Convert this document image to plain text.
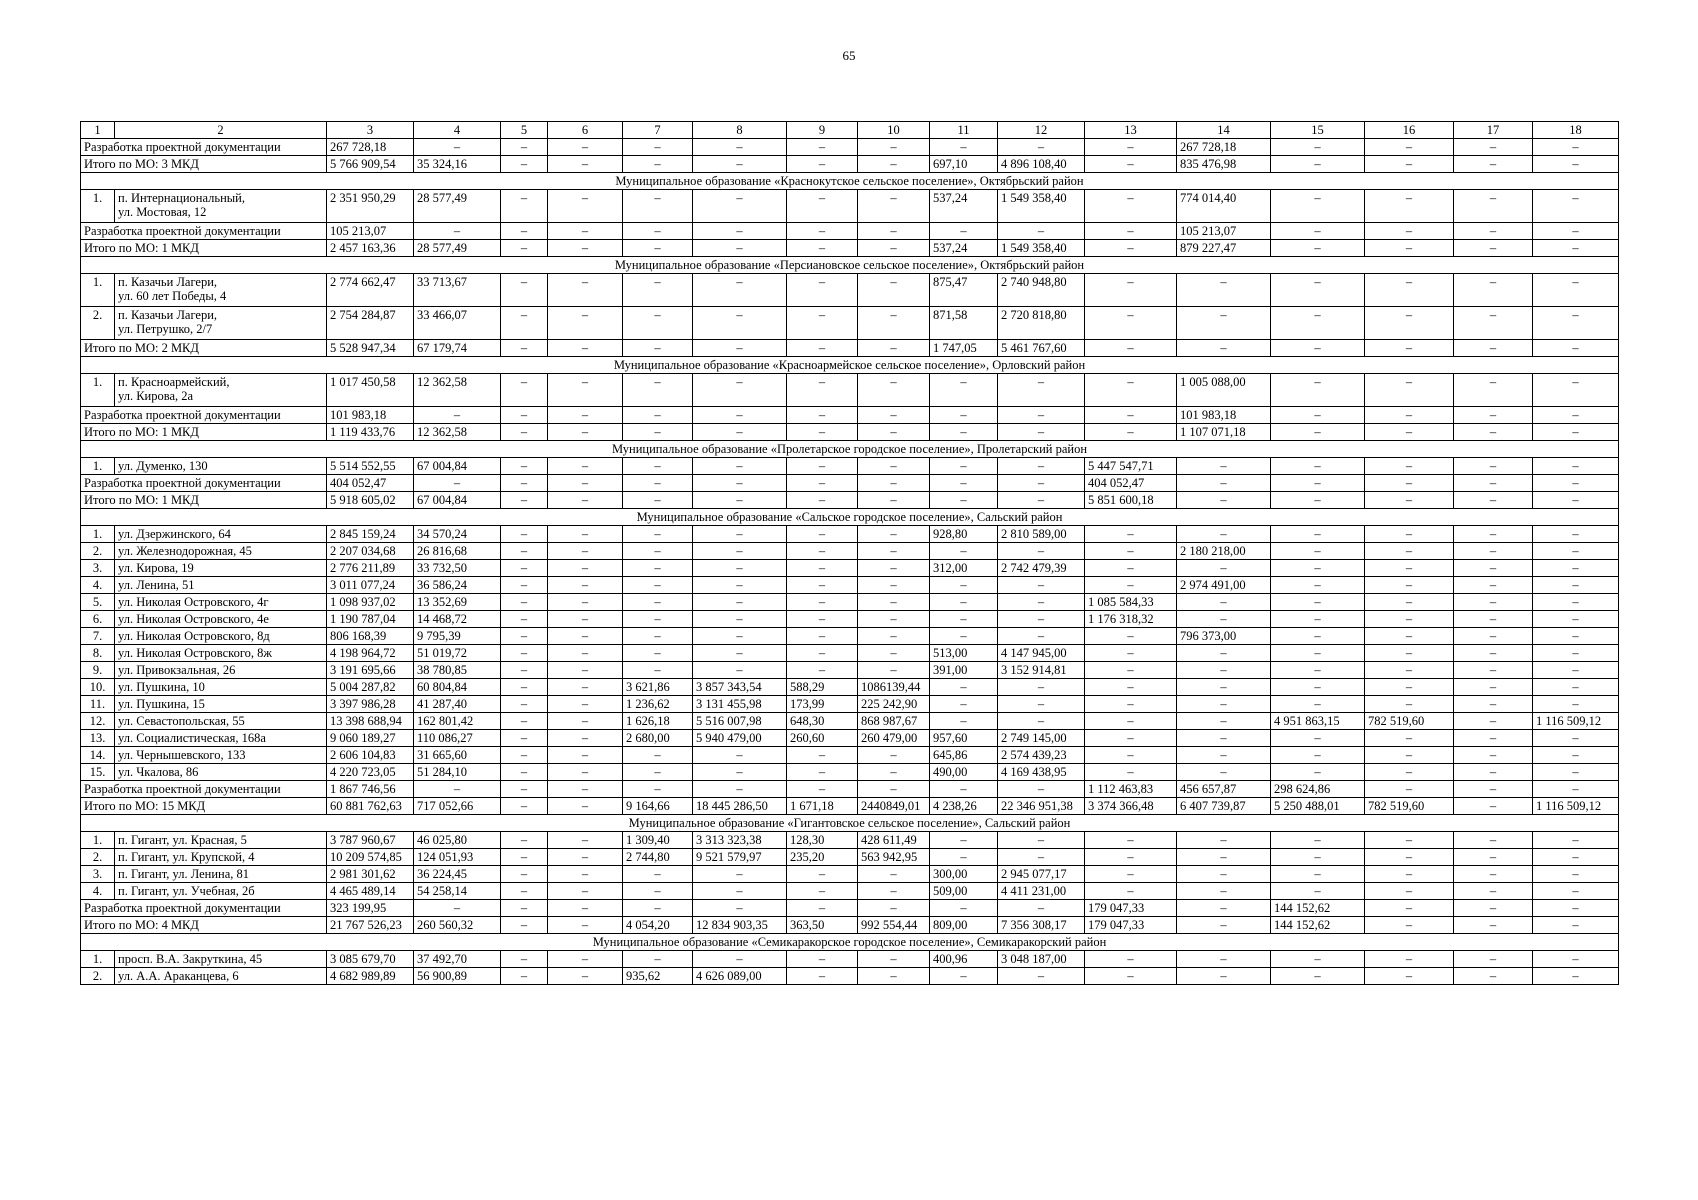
65
1	2	3	4	5	6	7	8	9	10	11	12	13	14	15	16	17	18
Разработка проектной документации		267 728,18	–	–	–	–	–	–	–	–	–	–	267 728,18	–	–	–	–
Итого по МО: 3 МКД		5 766 909,54	35 324,16	–	–	–	–	–	–	697,10	4 896 108,40	–	835 476,98	–	–	–	–
Муниципальное образование «Краснокутское сельское поселение», Октябрьский район																	
1.	п. Интернациональный,
ул. Мостовая, 12	2 351 950,29	28 577,49	–	–	–	–	–	–	537,24	1 549 358,40	–	774 014,40	–	–	–	–
Разработка проектной документации		105 213,07	–	–	–	–	–	–	–	–	–	–	105 213,07	–	–	–	–
Итого по МО: 1 МКД		2 457 163,36	28 577,49	–	–	–	–	–	–	537,24	1 549 358,40	–	879 227,47	–	–	–	–
Муниципальное образование «Персиановское сельское поселение», Октябрьский район																	
1.	п. Казачьи Лагери,
ул. 60 лет Победы, 4	2 774 662,47	33 713,67	–	–	–	–	–	–	875,47	2 740 948,80	–	–	–	–	–	–
2.	п. Казачьи Лагери,
ул. Петрушко, 2/7	2 754 284,87	33 466,07	–	–	–	–	–	–	871,58	2 720 818,80	–	–	–	–	–	–
Итого по МО: 2 МКД		5 528 947,34	67 179,74	–	–	–	–	–	–	1 747,05	5 461 767,60	–	–	–	–	–	–
Муниципальное образование «Красноармейское сельское поселение», Орловский район																	
1.	п. Красноармейский,
ул. Кирова, 2а	1 017 450,58	12 362,58	–	–	–	–	–	–	–	–	–	1 005 088,00	–	–	–	–
Разработка проектной документации		101 983,18	–	–	–	–	–	–	–	–	–	–	101 983,18	–	–	–	–
Итого по МО: 1 МКД		1 119 433,76	12 362,58	–	–	–	–	–	–	–	–	–	1 107 071,18	–	–	–	–
Муниципальное образование «Пролетарское городское поселение», Пролетарский район																	
1.	ул. Думенко, 130	5 514 552,55	67 004,84	–	–	–	–	–	–	–	–	5 447 547,71	–	–	–	–	–
Разработка проектной документации		404 052,47	–	–	–	–	–	–	–	–	–	404 052,47	–	–	–	–	–
Итого по МО: 1 МКД		5 918 605,02	67 004,84	–	–	–	–	–	–	–	–	5 851 600,18	–	–	–	–	–
Муниципальное образование «Сальское городское поселение», Сальский район																	
1.	ул. Дзержинского, 64	2 845 159,24	34 570,24	–	–	–	–	–	–	928,80	2 810 589,00	–	–	–	–	–	–
2.	ул. Железнодорожная, 45	2 207 034,68	26 816,68	–	–	–	–	–	–	–	–	–	2 180 218,00	–	–	–	–
3.	ул. Кирова, 19	2 776 211,89	33 732,50	–	–	–	–	–	–	312,00	2 742 479,39	–	–	–	–	–	–
4.	ул. Ленина, 51	3 011 077,24	36 586,24	–	–	–	–	–	–	–	–	–	2 974 491,00	–	–	–	–
5.	ул. Николая Островского, 4г	1 098 937,02	13 352,69	–	–	–	–	–	–	–	–	1 085 584,33	–	–	–	–	–
6.	ул. Николая Островского, 4е	1 190 787,04	14 468,72	–	–	–	–	–	–	–	–	1 176 318,32	–	–	–	–	–
7.	ул. Николая Островского, 8д	806 168,39	9 795,39	–	–	–	–	–	–	–	–	–	796 373,00	–	–	–	–
8.	ул. Николая Островского, 8ж	4 198 964,72	51 019,72	–	–	–	–	–	–	513,00	4 147 945,00	–	–	–	–	–	–
9.	ул. Привокзальная, 26	3 191 695,66	38 780,85	–	–	–	–	–	–	391,00	3 152 914,81	–	–	–	–	–	–
10.	ул. Пушкина, 10	5 004 287,82	60 804,84	–	–	3 621,86	3 857 343,54	588,29	1086139,44	–	–	–	–	–	–	–	–
11.	ул. Пушкина, 15	3 397 986,28	41 287,40	–	–	1 236,62	3 131 455,98	173,99	225 242,90	–	–	–	–	–	–	–	–
12.	ул. Севастопольская, 55	13 398 688,94	162 801,42	–	–	1 626,18	5 516 007,98	648,30	868 987,67	–	–	–	–	4 951 863,15	782 519,60	–	1 116 509,12
13.	ул. Социалистическая, 168а	9 060 189,27	110 086,27	–	–	2 680,00	5 940 479,00	260,60	260 479,00	957,60	2 749 145,00	–	–	–	–	–	–
14.	ул. Чернышевского, 133	2 606 104,83	31 665,60	–	–	–	–	–	–	645,86	2 574 439,23	–	–	–	–	–	–
15.	ул. Чкалова, 86	4 220 723,05	51 284,10	–	–	–	–	–	–	490,00	4 169 438,95	–	–	–	–	–	–
Разработка проектной документации		1 867 746,56	–	–	–	–	–	–	–	–	–	1 112 463,83	456 657,87	298 624,86	–	–	–
Итого по МО: 15 МКД		60 881 762,63	717 052,66	–	–	9 164,66	18 445 286,50	1 671,18	2440849,01	4 238,26	22 346 951,38	3 374 366,48	6 407 739,87	5 250 488,01	782 519,60	–	1 116 509,12
Муниципальное образование «Гигантовское сельское поселение», Сальский район																	
1.	п. Гигант, ул. Красная, 5	3 787 960,67	46 025,80	–	–	1 309,40	3 313 323,38	128,30	428 611,49	–	–	–	–	–	–	–	–
2.	п. Гигант, ул. Крупской, 4	10 209 574,85	124 051,93	–	–	2 744,80	9 521 579,97	235,20	563 942,95	–	–	–	–	–	–	–	–
3.	п. Гигант, ул. Ленина, 81	2 981 301,62	36 224,45	–	–	–	–	–	–	300,00	2 945 077,17	–	–	–	–	–	–
4.	п. Гигант, ул. Учебная, 2б	4 465 489,14	54 258,14	–	–	–	–	–	–	509,00	4 411 231,00	–	–	–	–	–	–
Разработка проектной документации		323 199,95	–	–	–	–	–	–	–	–	–	179 047,33	–	144 152,62	–	–	–
Итого по МО: 4 МКД		21 767 526,23	260 560,32	–	–	4 054,20	12 834 903,35	363,50	992 554,44	809,00	7 356 308,17	179 047,33	–	144 152,62	–	–	–
Муниципальное образование «Семикаракорское городское поселение», Семикаракорский район																	
1.	просп. В.А. Закруткина, 45	3 085 679,70	37 492,70	–	–	–	–	–	–	400,96	3 048 187,00	–	–	–	–	–	–
2.	ул. А.А. Араканцева, 6	4 682 989,89	56 900,89	–	–	935,62	4 626 089,00	–	–	–	–	–	–	–	–	–	–
